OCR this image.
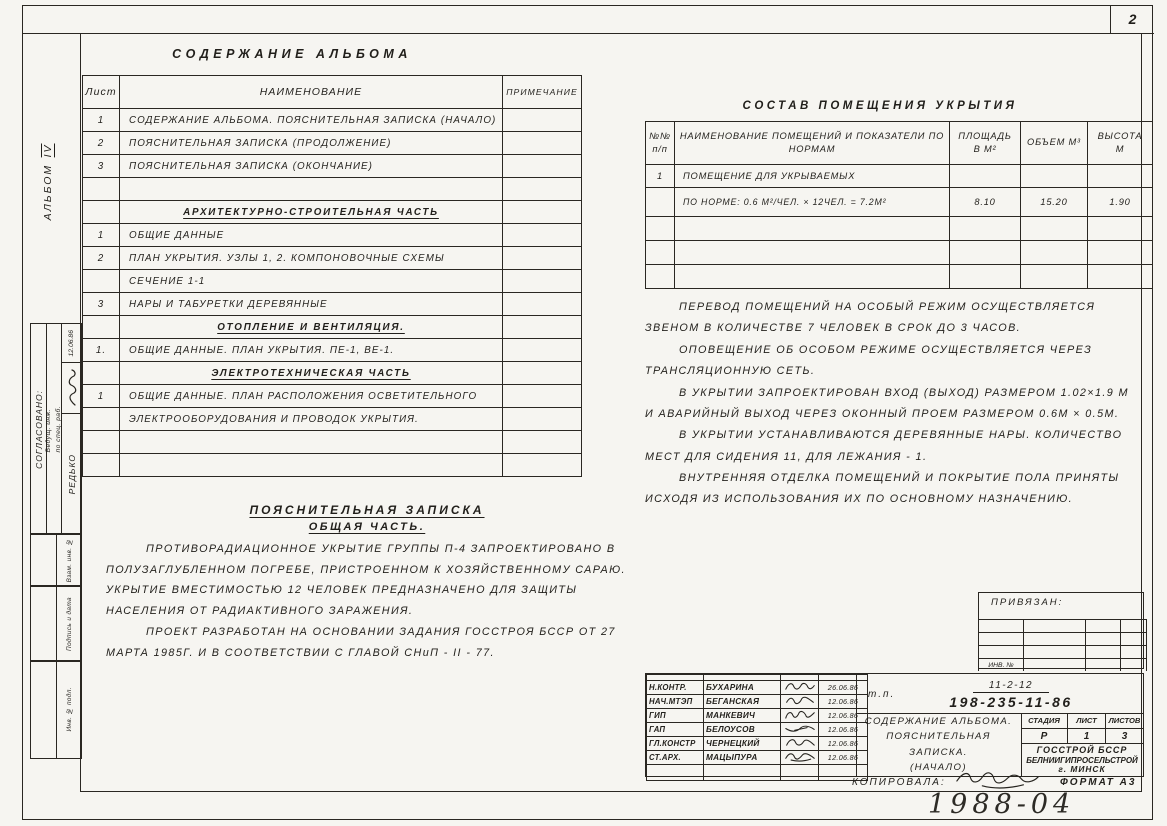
2
АЛЬБОМ IV
СОГЛАСОВАНО: Ведущ. инж. по спец. раб.
12.06.86
РЕДЬКО
Взам. инв. №
Подпись и дата
Инв. № подл.
СОДЕРЖАНИЕ АЛЬБОМА
Лист	НАИМЕНОВАНИЕ	ПРИМЕЧАНИЕ
1	СОДЕРЖАНИЕ АЛЬБОМА. ПОЯСНИТЕЛЬНАЯ ЗАПИСКА (НАЧАЛО)	
2	ПОЯСНИТЕЛЬНАЯ ЗАПИСКА (ПРОДОЛЖЕНИЕ)	
3	ПОЯСНИТЕЛЬНАЯ ЗАПИСКА (ОКОНЧАНИЕ)	

	АРХИТЕКТУРНО-СТРОИТЕЛЬНАЯ ЧАСТЬ	
1	ОБЩИЕ ДАННЫЕ	
2	ПЛАН УКРЫТИЯ. УЗЛЫ 1, 2. КОМПОНОВОЧНЫЕ СХЕМЫ	
	СЕЧЕНИЕ 1-1	
3	НАРЫ И ТАБУРЕТКИ ДЕРЕВЯННЫЕ	
	ОТОПЛЕНИЕ И ВЕНТИЛЯЦИЯ.	
1.	ОБЩИЕ ДАННЫЕ. ПЛАН УКРЫТИЯ. ПЕ-1, ВЕ-1.	
	ЭЛЕКТРОТЕХНИЧЕСКАЯ ЧАСТЬ	
1	ОБЩИЕ ДАННЫЕ. ПЛАН РАСПОЛОЖЕНИЯ ОСВЕТИТЕЛЬНОГО	
	ЭЛЕКТРООБОРУДОВАНИЯ И ПРОВОДОК УКРЫТИЯ.	

СОСТАВ ПОМЕЩЕНИЯ УКРЫТИЯ
№№
п/п	НАИМЕНОВАНИЕ ПОМЕЩЕНИЙ И ПОКАЗАТЕЛИ ПО НОРМАМ	ПЛОЩАДЬ В М²	ОБЪЕМ М³	ВЫСОТА М
1	ПОМЕЩЕНИЕ ДЛЯ УКРЫВАЕМЫХ			
	ПО НОРМЕ: 0.6 М²/ЧЕЛ. × 12ЧЕЛ. = 7.2М²	8.10	15.20	1.90

ПЕРЕВОД ПОМЕЩЕНИЙ НА ОСОБЫЙ РЕЖИМ ОСУЩЕСТВЛЯЕТСЯ ЗВЕНОМ В КОЛИЧЕСТВЕ 7 ЧЕЛОВЕК В СРОК ДО 3 ЧАСОВ.

ОПОВЕЩЕНИЕ ОБ ОСОБОМ РЕЖИМЕ ОСУЩЕСТВЛЯЕТСЯ ЧЕРЕЗ ТРАНСЛЯЦИОННУЮ СЕТЬ.

В УКРЫТИИ ЗАПРОЕКТИРОВАН ВХОД (ВЫХОД) РАЗМЕРОМ 1.02×1.9 М И АВАРИЙНЫЙ ВЫХОД ЧЕРЕЗ ОКОННЫЙ ПРОЕМ РАЗМЕРОМ 0.6М × 0.5М.

В УКРЫТИИ УСТАНАВЛИВАЮТСЯ ДЕРЕВЯННЫЕ НАРЫ. КОЛИЧЕСТВО МЕСТ ДЛЯ СИДЕНИЯ 11, ДЛЯ ЛЕЖАНИЯ - 1.

ВНУТРЕННЯЯ ОТДЕЛКА ПОМЕЩЕНИЙ И ПОКРЫТИЕ ПОЛА ПРИНЯТЫ ИСХОДЯ ИЗ ИСПОЛЬЗОВАНИЯ ИХ ПО ОСНОВНОМУ НАЗНАЧЕНИЮ.

ПОЯСНИТЕЛЬНАЯ ЗАПИСКА
ОБЩАЯ ЧАСТЬ.

ПРОТИВОРАДИАЦИОННОЕ УКРЫТИЕ ГРУППЫ П-4 ЗАПРОЕКТИРОВАНО В ПОЛУЗАГЛУБЛЕННОМ ПОГРЕБЕ, ПРИСТРОЕННОМ К ХОЗЯЙСТВЕННОМУ САРАЮ. УКРЫТИЕ ВМЕСТИМОСТЬЮ 12 ЧЕЛОВЕК ПРЕДНАЗНАЧЕНО ДЛЯ ЗАЩИТЫ НАСЕЛЕНИЯ ОТ РАДИАКТИВНОГО ЗАРАЖЕНИЯ.

ПРОЕКТ РАЗРАБОТАН НА ОСНОВАНИИ ЗАДАНИЯ ГОССТРОЯ БССР ОТ 27 МАРТА 1985Г. И В СООТВЕТСТВИИ С ГЛАВОЙ СНиП - II - 77.

ПРИВЯЗАН:

ИНВ. №			

Н.КОНТР.	БУХАРИНА		26.06.86
НАЧ.МТЭП	БЕГАНСКАЯ		12.06.86
ГИП	МАНКЕВИЧ		12.06.86
ГАП	БЕЛОУСОВ		12.06.86
ГЛ.КОНСТР	ЧЕРНЕЦКИЙ		12.06.86
СТ.АРХ.	МАЦЫПУРА		12.06.86

т.п.
11-2-12
198-235-11-86
СОДЕРЖАНИЕ АЛЬБОМА.
ПОЯСНИТЕЛЬНАЯ ЗАПИСКА.
(НАЧАЛО)
СТАДИЯ	ЛИСТ	ЛИСТОВ
Р	1	3
ГОССТРОЙ БССР
БЕЛНИИГИПРОСЕЛЬСТРОЙ
г. МИНСК
КОПИРОВАЛА:	ФОРМАТ А3
1988-04
